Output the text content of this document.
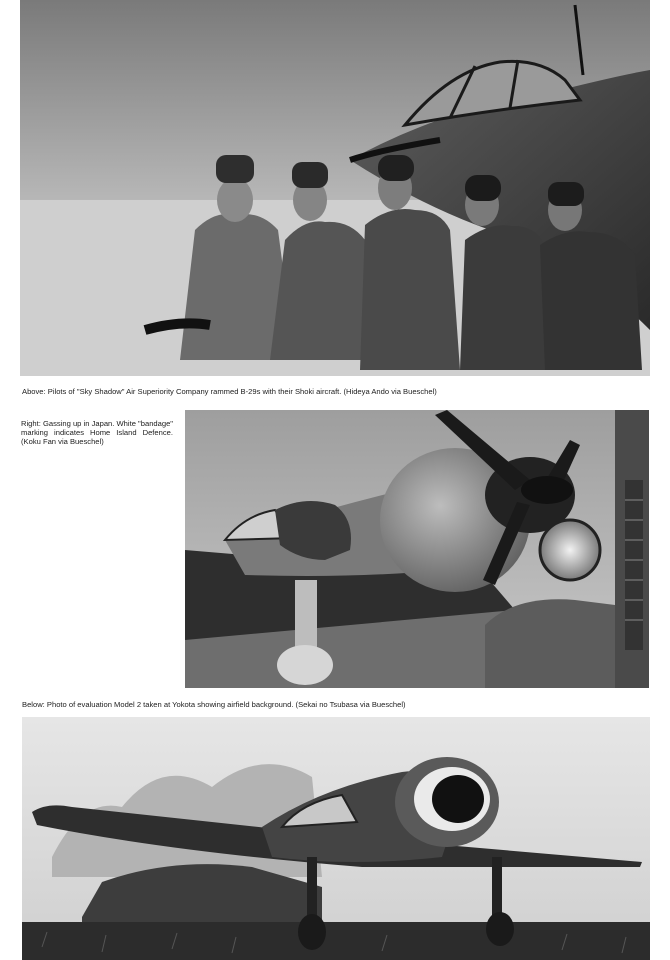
Above: Pilots of "Sky Shadow" Air Superiority Company rammed B-29s with their Shoki aircraft. (Hideya Ando via Bueschel)

Right: Gassing up in Japan. White "bandage" marking indicates Home Island Defence. (Koku Fan via Bueschel)

Below: Photo of evaluation Model 2 taken at Yokota showing airfield background. (Sekai no Tsubasa via Bueschel)
